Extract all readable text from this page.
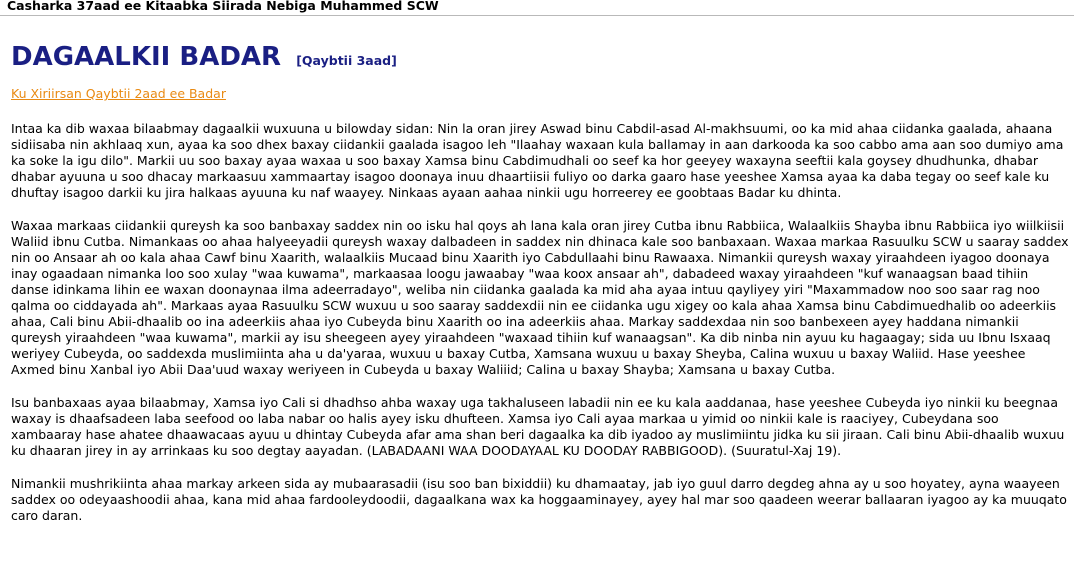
Casharka 37aad ee Kitaabka Siirada Nebiga Muhammed SCW
DAGAALKII BADAR [Qaybtii 3aad]
Ku Xiriirsan Qaybtii 2aad ee Badar

Intaa ka dib waxaa bilaabmay dagaalkii wuxuuna u bilowday sidan: Nin la oran jirey Aswad binu Cabdil-asad Al-makhsuumi, oo ka mid ahaa ciidanka gaalada, ahaana sidiisaba nin akhlaaq xun, ayaa ka soo dhex baxay ciidankii gaalada isagoo leh "Ilaahay waxaan kula ballamay in aan darkooda ka soo cabbo ama aan soo dumiyo ama ka soke la igu dilo". Markii uu soo baxay ayaa waxaa u soo baxay Xamsa binu Cabdimudhali oo seef ka hor geeyey waxayna seeftii kala goysey dhudhunka, dhabar dhabar ayuuna u soo dhacay markaasuu xammaartay isagoo doonaya inuu dhaartiisii fuliyo oo darka gaaro hase yeeshee Xamsa ayaa ka daba tegay oo seef kale ku dhuftay isagoo darkii ku jira halkaas ayuuna ku naf waayey. Ninkaas ayaan aahaa ninkii ugu horreerey ee goobtaas Badar ku dhinta.

Waxaa markaas ciidankii qureysh ka soo banbaxay saddex nin oo isku hal qoys ah lana kala oran jirey Cutba ibnu Rabbiica, Walaalkiis Shayba ibnu Rabbiica iyo wiilkiisii Waliid ibnu Cutba. Nimankaas oo ahaa halyeeyadii qureysh waxay dalbadeen in saddex nin dhinaca kale soo banbaxaan. Waxaa markaa Rasuulku SCW u saaray saddex nin oo Ansaar ah oo kala ahaa Cawf binu Xaarith, walaalkiis Mucaad binu Xaarith iyo Cabdullaahi binu Rawaaxa. Nimankii qureysh waxay yiraahdeen iyagoo doonaya inay ogaadaan nimanka loo soo xulay "waa kuwama", markaasaa loogu jawaabay "waa koox ansaar ah", dabadeed waxay yiraahdeen "kuf wanaagsan baad tihiin danse idinkama lihin ee waxan doonaynaa ilma adeerradayo", weliba nin ciidanka gaalada ka mid aha ayaa intuu qayliyey yiri "Maxammadow noo soo saar rag noo qalma oo ciddayada ah". Markaas ayaa Rasuulku SCW wuxuu u soo saaray saddexdii nin ee ciidanka ugu xigey oo kala ahaa Xamsa binu Cabdimuedhalib oo adeerkiis ahaa, Cali binu Abii-dhaalib oo ina adeerkiis ahaa iyo Cubeyda binu Xaarith oo ina adeerkiis ahaa. Markay saddexdaa nin soo banbexeen ayey haddana nimankii qureysh yiraahdeen "waa kuwama", markii ay isu sheegeen ayey yiraahdeen "waxaad tihiin kuf wanaagsan". Ka dib ninba nin ayuu ku hagaagay; sida uu Ibnu Isxaaq weriyey Cubeyda, oo saddexda muslimiinta aha u da'yaraa, wuxuu u baxay Cutba, Xamsana wuxuu u baxay Sheyba, Calina wuxuu u baxay Waliid. Hase yeeshee Axmed binu Xanbal iyo Abii Daa'uud waxay weriyeen in Cubeyda u baxay Waliiid; Calina u baxay Shayba; Xamsana u baxay Cutba.

Isu banbaxaas ayaa bilaabmay, Xamsa iyo Cali si dhadhso ahba waxay uga takhaluseen labadii nin ee ku kala aaddanaa, hase yeeshee Cubeyda iyo ninkii ku beegnaa waxay is dhaafsadeen laba seefood oo laba nabar oo halis ayey isku dhufteen. Xamsa iyo Cali ayaa markaa u yimid oo ninkii kale is raaciyey, Cubeydana soo xambaaray hase ahatee dhaawacaas ayuu u dhintay Cubeyda afar ama shan beri dagaalka ka dib iyadoo ay muslimiintu jidka ku sii jiraan. Cali binu Abii-dhaalib wuxuu ku dhaaran jirey in ay arrinkaas ku soo degtay aayadan. (LABADAANI WAA DOODAYAAL KU DOODAY RABBIGOOD). (Suuratul-Xaj 19).

Nimankii mushrikiinta ahaa markay arkeen sida ay mubaarasadii (isu soo ban bixiddii) ku dhamaatay, jab iyo guul darro degdeg ahna ay u soo hoyatey, ayna waayeen saddex oo odeyaashoodii ahaa, kana mid ahaa fardooleydoodii, dagaalkana wax ka hoggaaminayey, ayey hal mar soo qaadeen weerar ballaaran iyagoo ay ka muuqato caro daran.
